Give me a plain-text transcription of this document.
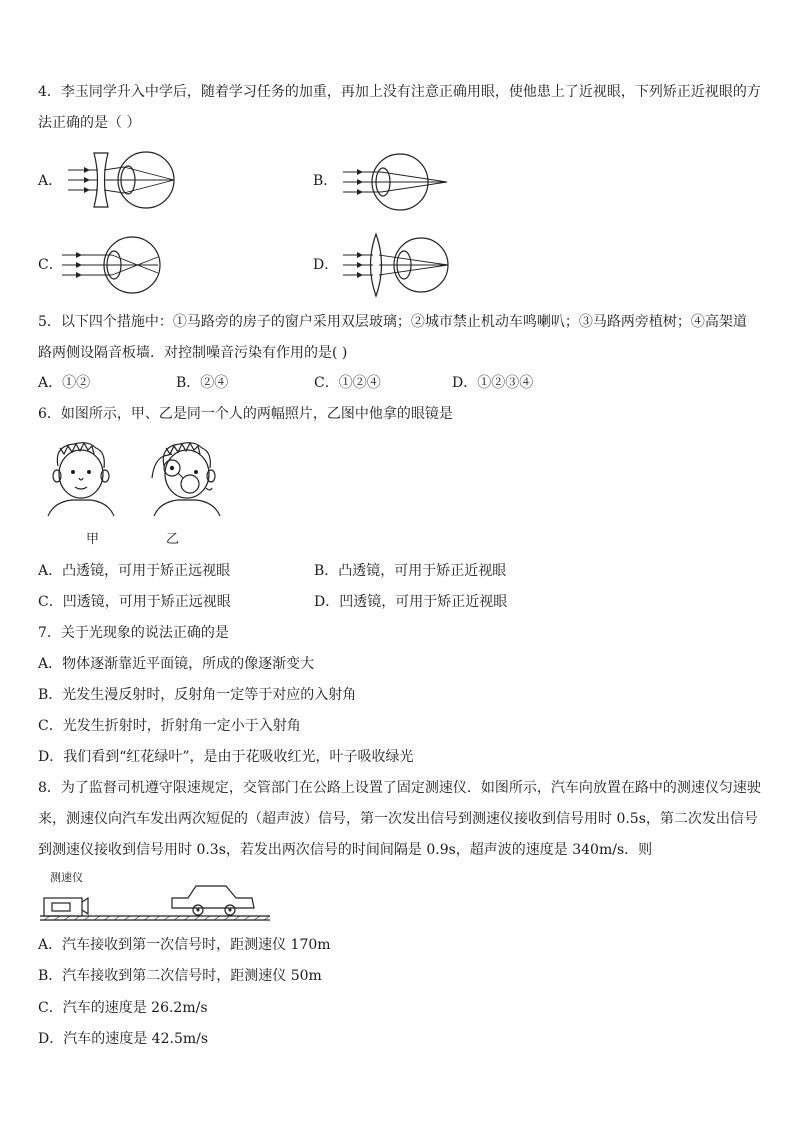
4．李玉同学升入中学后，随着学习任务的加重，再加上没有注意正确用眼，使他患上了近视眼，下列矫正近视眼的方
法正确的是（ ）
A．	B．
C．	D．
5．以下四个措施中：①马路旁的房子的窗户采用双层玻璃；②城市禁止机动车鸣喇叭；③马路两旁植树；④高架道
路两侧设隔音板墙．对控制噪音污染有作用的是( )
A．①②	B．②④	C．①②④	D．①②③④
6．如图所示，甲、乙是同一个人的两幅照片，乙图中他拿的眼镜是
甲	乙
A．凸透镜，可用于矫正远视眼	B．凸透镜，可用于矫正近视眼
C．凹透镜，可用于矫正远视眼	D．凹透镜，可用于矫正近视眼
7．关于光现象的说法正确的是
A．物体逐渐靠近平面镜，所成的像逐渐变大
B．光发生漫反射时，反射角一定等于对应的入射角
C．光发生折射时，折射角一定小于入射角
D．我们看到“红花绿叶”，是由于花吸收红光，叶子吸收绿光
8．为了监督司机遵守限速规定，交管部门在公路上设置了固定测速仪．如图所示，汽车向放置在路中的测速仪匀速驶
来，测速仪向汽车发出两次短促的（超声波）信号，第一次发出信号到测速仪接收到信号用时 0.5s，第二次发出信号
到测速仪接收到信号用时 0.3s，若发出两次信号的时间间隔是 0.9s，超声波的速度是 340m/s．则
测速仪
A．汽车接收到第一次信号时，距测速仪 170m
B．汽车接收到第二次信号时，距测速仪 50m
C．汽车的速度是 26.2m/s
D．汽车的速度是 42.5m/s
